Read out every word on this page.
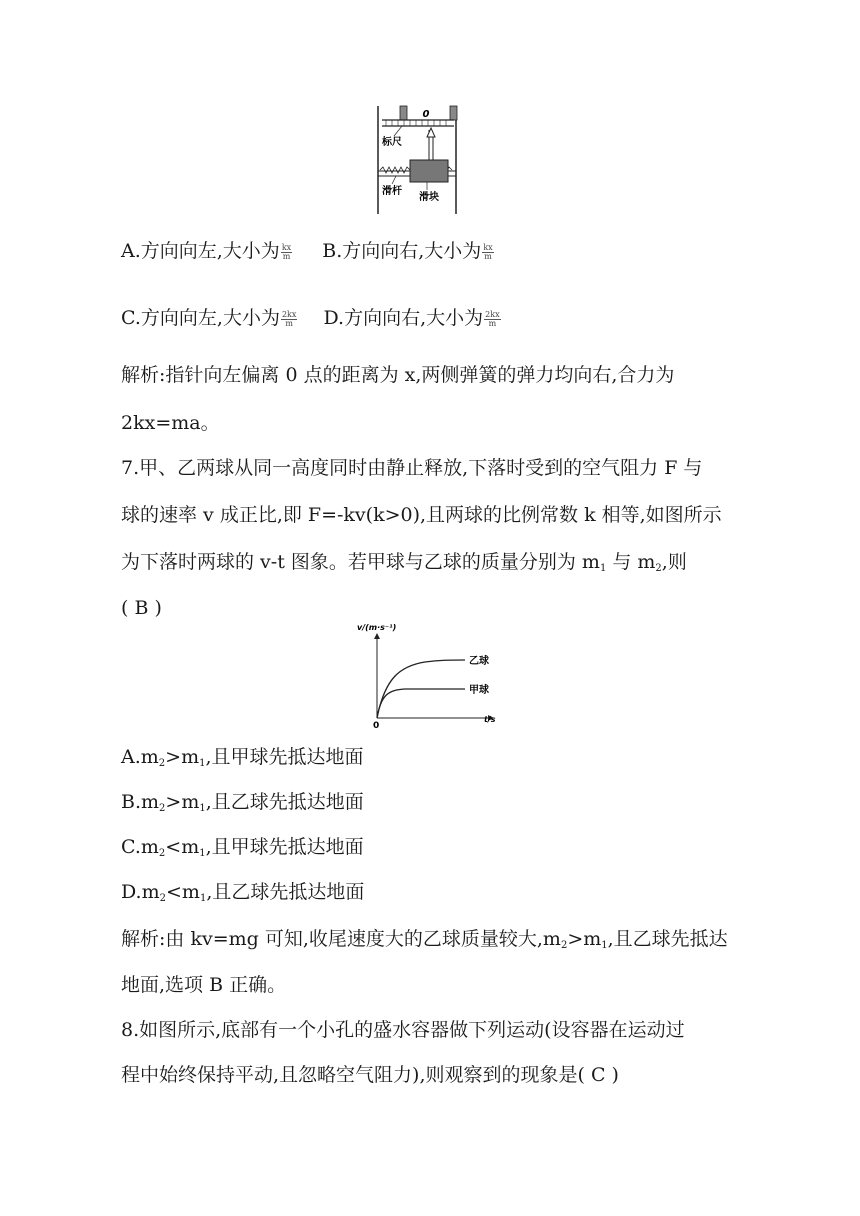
0
标尺
滑杆
滑块
A.方向向左,大小为 $\frac{kx}{m} B$.方向向右,大小为 $\frac{kx}{m}$
C.方向向左,大小为 $\frac{2kx}{m} D$.方向向右,大小为 $\frac{2kx}{m}$
解析:指针向左偏离 0 点的距离为 x,两侧弹簧的弹力均向右,合力为
2kx=ma。
7.甲、乙两球从同一高度同时由静止释放,下落时受到的空气阻力 F 与
球的速率 v 成正比,即 F=-kv(k>0),且两球的比例常数 k 相等,如图所示
为下落时两球的 v-t 图象。若甲球与乙球的质量分别为 $m_1$ 与 $m_2$,则
( B )
v/(m·s⁻¹)
t/s
0
乙球
甲球
$A.m_2>m_1$,且甲球先抵达地面
$B.m_2>m_1$,且乙球先抵达地面
$C.m_2<m_1$,且甲球先抵达地面
$D.m_2<m_1$,且乙球先抵达地面
解析:由 kv=mg 可知,收尾速度大的乙球质量较大$,m_2>m_1$,且乙球先抵达
地面,选项 B 正确。
8.如图所示,底部有一个小孔的盛水容器做下列运动(设容器在运动过
程中始终保持平动,且忽略空气阻力),则观察到的现象是( C )
